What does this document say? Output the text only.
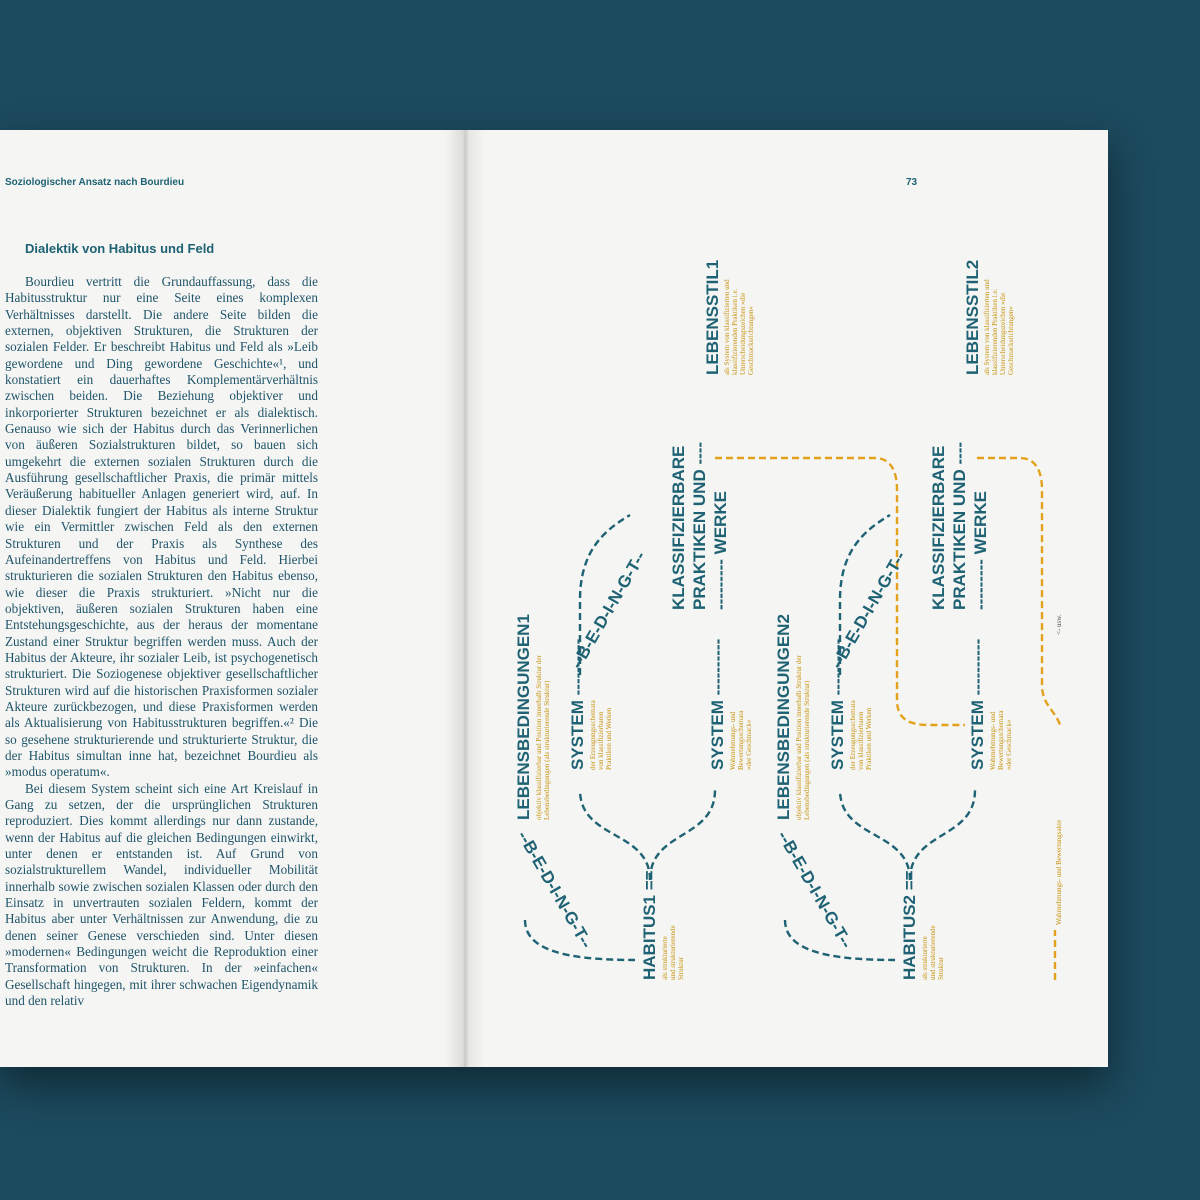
Soziologischer Ansatz nach Bourdieu
Dialektik von Habitus und Feld

Bourdieu vertritt die Grundauffassung, dass die Habitusstruktur nur eine Seite eines komplexen Verhältnisses darstellt. Die andere Seite bilden die externen, objektiven Strukturen, die Strukturen der sozialen Felder. Er beschreibt Habitus und Feld als »Leib gewordene und Ding gewordene Geschichte«¹, und konstatiert ein dauerhaftes Komplementärverhältnis zwischen beiden. Die Beziehung objektiver und inkorporierter Strukturen bezeichnet er als dialektisch. Genauso wie sich der Habitus durch das Verinnerlichen von äußeren Sozialstrukturen bildet, so bauen sich umgekehrt die externen sozialen Strukturen durch die Ausführung gesellschaftlicher Praxis, die primär mittels Veräußerung habitueller Anlagen generiert wird, auf. In dieser Dialektik fungiert der Habitus als interne Struktur wie ein Vermittler zwischen Feld als den externen Strukturen und der Praxis als Synthese des Aufeinandertreffens von Habitus und Feld. Hierbei strukturieren die sozialen Strukturen den Habitus ebenso, wie dieser die Praxis strukturiert. »Nicht nur die objektiven, äußeren sozialen Strukturen haben eine Entstehungsgeschichte, aus der heraus der momentane Zustand einer Struktur begriffen werden muss. Auch der Habitus der Akteure, ihr sozialer Leib, ist psychogenetisch strukturiert. Die Soziogenese objektiver gesellschaftlicher Strukturen wird auf die historischen Praxisformen sozialer Akteure zurückbezogen, und diese Praxisformen werden als Aktualisierung von Habitusstrukturen begriffen.«² Die so gesehene strukturierende und strukturierte Struktur, die der Habitus simultan inne hat, bezeichnet Bourdieu als »modus operatum«.

Bei diesem System scheint sich eine Art Kreislauf in Gang zu setzen, der die ursprünglichen Strukturen reproduziert. Dies kommt allerdings nur dann zustande, wenn der Habitus auf die gleichen Bedingungen einwirkt, unter denen er entstanden ist. Auf Grund von sozialstrukturellem Wandel, individueller Mobilität innerhalb sowie zwischen sozialen Klassen oder durch den Einsatz in unvertrauten sozialen Feldern, kommt der Habitus aber unter Verhältnissen zur Anwendung, die zu denen seiner Genese verschieden sind. Unter diesen »modernen« Bedingungen weicht die Reproduktion einer Transformation von Strukturen. In der »einfachen« Gesellschaft hingegen, mit ihrer schwachen Eigendynamik und den relativ

73
LEBENSSTIL1 als System von klassifizierten und klassifizierenden Praktiken i.e. Unterscheidungszeichen »die Geschmacksrichtungen«
KLASSIFIZIERBARE PRAKTIKEN UND ---- --------- WERKE
--B-E-D-I-N-G-T--
LEBENSBEDINGUNGEN1 objektiv klassifizierbar und Position innerhalb Struktur der Lebensbedingungen (als strukturierende Struktur) SYSTEM ---------- der Erzeugungsschemata von klassifizierbaren Praktiken und Werken	SYSTEM ---------- Wahrnehmungs- und Bewertungsschemata »der Geschmack«
--B-E-D-I-N-G-T--	HABITUS1 == als strukturierte und strukturierende Struktur
LEBENSSTIL2 als System von klassifizierten und klassifizierenden Praktiken i.e. Unterscheidungszeichen »die Geschmacksrichtungen«
KLASSIFIZIERBARE PRAKTIKEN UND ---- --------- WERKE
--B-E-D-I-N-G-T--
LEBENSBEDINGUNGEN2 objektiv klassifizierbar und Position innerhalb Struktur der Lebensbedingungen (als strukturierende Struktur) SYSTEM ---------- der Erzeugungsschemata von klassifizierbaren Praktiken und Werken	SYSTEM ---------- Wahrnehmungs- und Bewertungsschemata »der Geschmack«
--B-E-D-I-N-G-T--	HABITUS2 == als strukturierte und strukturierende Struktur
<- usw.
Wahrnehmungs- und Bewertungsakte
